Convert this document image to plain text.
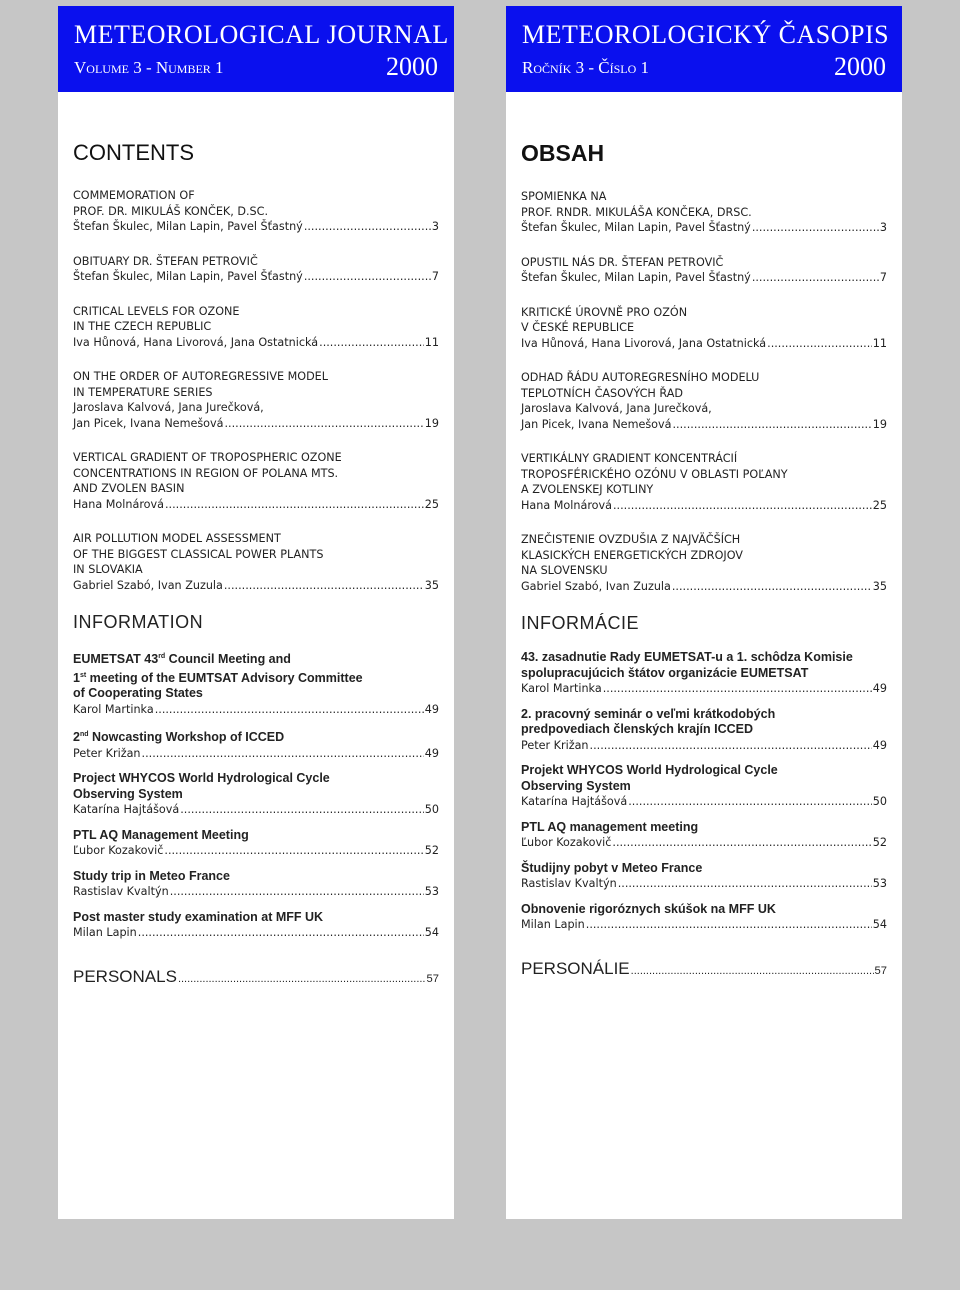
METEOROLOGICAL JOURNAL
Volume 3 - Number 1	2000
CONTENTS
COMMEMORATION OF
PROF. DR. MIKULÁŠ KONČEK, D.SC.
Štefan Škulec, Milan Lapin, Pavel Šťastný .....	3
OBITUARY DR. ŠTEFAN PETROVIČ
Štefan Škulec, Milan Lapin, Pavel Šťastný .....	7
CRITICAL LEVELS FOR OZONE
IN THE CZECH REPUBLIC
Iva Hůnová, Hana Livorová, Jana Ostatnická .....	11
ON THE ORDER OF AUTOREGRESSIVE MODEL
IN TEMPERATURE SERIES
Jaroslava Kalvová, Jana Jurečková,
Jan Picek, Ivana Nemešová .....	19
VERTICAL GRADIENT OF TROPOSPHERIC OZONE
CONCENTRATIONS IN REGION OF POLANA MTS.
AND ZVOLEN BASIN
Hana Molnárová .....	25
AIR POLLUTION MODEL ASSESSMENT
OF THE BIGGEST CLASSICAL POWER PLANTS
IN SLOVAKIA
Gabriel Szabó, Ivan Zuzula .....	35
INFORMATION
EUMETSAT 43rd Council Meeting and
1st meeting of the EUMTSAT Advisory Committee
of Cooperating States
Karol Martinka .....	49
2nd Nowcasting Workshop of ICCED
Peter Križan .....	49
Project WHYCOS World Hydrological Cycle
Observing System
Katarína Hajtášová .....	50
PTL AQ Management Meeting
Ľubor Kozakovič .....	52
Study trip in Meteo France
Rastislav Kvaltýn .....	53
Post master study examination at MFF UK
Milan Lapin .....	54
PERSONALS .....	57
METEOROLOGICKÝ ČASOPIS
Ročník 3 - Číslo 1	2000
OBSAH
SPOMIENKA NA
PROF. RNDR. MIKULÁŠA KONČEKA, DRSC.
Štefan Škulec, Milan Lapin, Pavel Šťastný .....	3
OPUSTIL NÁS DR. ŠTEFAN PETROVIČ
Štefan Škulec, Milan Lapin, Pavel Šťastný .....	7
KRITICKÉ ÚROVNĚ PRO OZÓN
V ČESKÉ REPUBLICE
Iva Hůnová, Hana Livorová, Jana Ostatnická .....	11
ODHAD ŘÁDU AUTOREGRESNÍHO MODELU
TEPLOTNÍCH ČASOVÝCH ŘAD
Jaroslava Kalvová, Jana Jurečková,
Jan Picek, Ivana Nemešová .....	19
VERTIKÁLNY GRADIENT KONCENTRÁCIÍ
TROPOSFÉRICKÉHO OZÓNU V OBLASTI POĽANY
A ZVOLENSKEJ KOTLINY
Hana Molnárová .....	25
ZNEČISTENIE OVZDUŠIA Z NAJVÄČŠÍCH
KLASICKÝCH ENERGETICKÝCH ZDROJOV
NA SLOVENSKU
Gabriel Szabó, Ivan Zuzula .....	35
INFORMÁCIE
43. zasadnutie Rady EUMETSAT-u a 1. schôdza Komisie
spolupracujúcich štátov organizácie EUMETSAT
Karol Martinka .....	49
2. pracovný seminár o veľmi krátkodobých
predpovediach členských krajín ICCED
Peter Križan .....	49
Projekt WHYCOS World Hydrological Cycle
Observing System
Katarína Hajtášová .....	50
PTL AQ management meeting
Ľubor Kozakovič .....	52
Študijny pobyt v Meteo France
Rastislav Kvaltýn .....	53
Obnovenie rigoróznych skúšok na MFF UK
Milan Lapin .....	54
PERSONÁLIE .....	57
